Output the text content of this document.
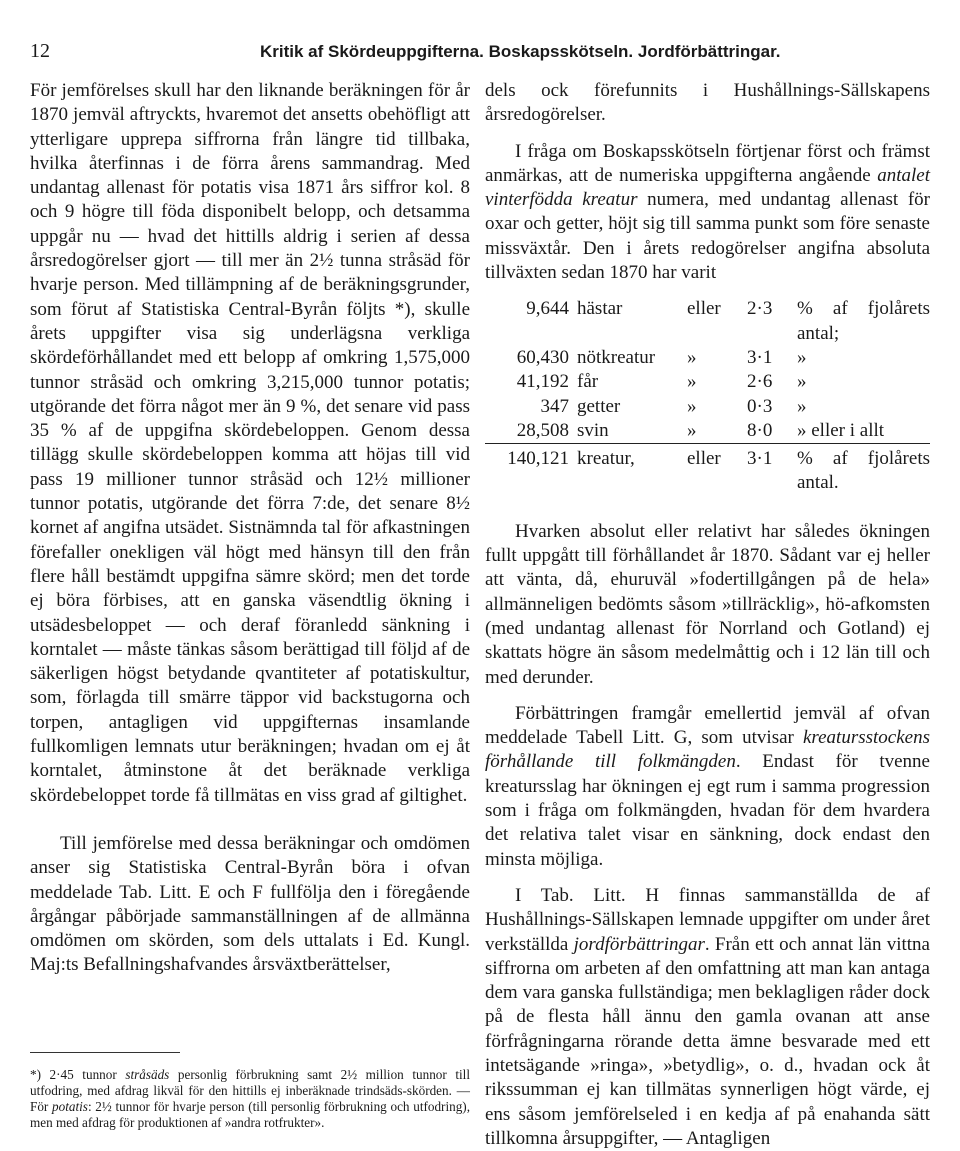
12	Kritik af Skördeuppgifterna. Boskapsskötseln. Jordförbättringar.

För jemförelses skull har den liknande beräkningen för år 1870 jemväl aftryckts, hvaremot det ansetts obehöfligt att ytterligare upprepa siffrorna från längre tid tillbaka, hvilka återfinnas i de förra årens sammandrag. Med undantag allenast för potatis visa 1871 års siffror kol. 8 och 9 högre till föda disponibelt belopp, och detsamma uppgår nu — hvad det hittills aldrig i serien af dessa årsredogörelser gjort — till mer än 2½ tunna stråsäd för hvarje person. Med tillämpning af de beräkningsgrunder, som förut af Statistiska Central-Byrån följts *), skulle årets uppgifter visa sig underlägsna verkliga skördeförhållandet med ett belopp af omkring 1,575,000 tunnor stråsäd och omkring 3,215,000 tunnor potatis; utgörande det förra något mer än 9 %, det senare vid pass 35 % af de uppgifna skördebeloppen. Genom dessa tillägg skulle skördebeloppen komma att höjas till vid pass 19 millioner tunnor stråsäd och 12½ millioner tunnor potatis, utgörande det förra 7:de, det senare 8½ kornet af angifna utsädet. Sistnämnda tal för afkastningen förefaller onekligen väl högt med hänsyn till den från flere håll bestämdt uppgifna sämre skörd; men det torde ej böra förbises, att en ganska väsendtlig ökning i utsädesbeloppet — och deraf föranledd sänkning i korntalet — måste tänkas såsom berättigad till följd af de säkerligen högst betydande qvantiteter af potatiskultur, som, förlagda till smärre täppor vid backstugorna och torpen, antagligen vid uppgifternas insamlande fullkomligen lemnats utur beräkningen; hvadan om ej åt korntalet, åtminstone åt det beräknade verkliga skördebeloppet torde få tillmätas en viss grad af giltighet.

Till jemförelse med dessa beräkningar och omdömen anser sig Statistiska Central-Byrån böra i ofvan meddelade Tab. Litt. E och F fullfölja den i föregående årgångar påbörjade sammanställningen af de allmänna omdömen om skörden, som dels uttalats i Ed. Kungl. Maj:ts Befallningshafvandes årsväxtberättelser,

*) 2·45 tunnor stråsäds personlig förbrukning samt 2½ million tunnor till utfodring, med afdrag likväl för den hittills ej inberäknade trindsäds-skörden. — För potatis: 2½ tunnor för hvarje person (till personlig förbrukning och utfodring), men med afdrag för produktionen af »andra rotfrukter».

dels ock förefunnits i Hushållnings-Sällskapens årsredogörelser.

I fråga om Boskapsskötseln förtjenar först och främst anmärkas, att de numeriska uppgifterna angående antalet vinterfödda kreatur numera, med undantag allenast för oxar och getter, höjt sig till samma punkt som före senaste missväxtår. Den i årets redogörelser angifna absoluta tillväxten sedan 1870 har varit

9,644	hästar	eller	2·3	% af fjolårets antal;
60,430	nötkreatur	»	3·1	»
41,192	får	»	2·6	»
347	getter	»	0·3	»
28,508	svin	»	8·0	» eller i allt
140,121	kreatur,	eller	3·1	% af fjolårets antal.

Hvarken absolut eller relativt har således ökningen fullt uppgått till förhållandet år 1870. Sådant var ej heller att vänta, då, ehuruväl »fodertillgången på de hela» allmänneligen bedömts såsom »tillräcklig», hö-afkomsten (med undantag allenast för Norrland och Gotland) ej skattats högre än såsom medelmåttig och i 12 län till och med derunder.

Förbättringen framgår emellertid jemväl af ofvan meddelade Tabell Litt. G, som utvisar kreatursstockens förhållande till folkmängden. Endast för tvenne kreatursslag har ökningen ej egt rum i samma progression som i fråga om folkmängden, hvadan för dem hvardera det relativa talet visar en sänkning, dock endast den minsta möjliga.

I Tab. Litt. H finnas sammanställda de af Hushållnings-Sällskapen lemnade uppgifter om under året verkställda jordförbättringar. Från ett och annat län vittna siffrorna om arbeten af den omfattning att man kan antaga dem vara ganska fullständiga; men beklagligen råder dock på de flesta håll ännu den gamla ovanan att anse förfrågningarna rörande detta ämne besvarade med ett intetsägande »ringa», »betydlig», o. d., hvadan ock åt rikssumman ej kan tillmätas synnerligen högt värde, ej ens såsom jemförelseled i en kedja af på enahanda sätt tillkomna årsuppgifter, — Antagligen
